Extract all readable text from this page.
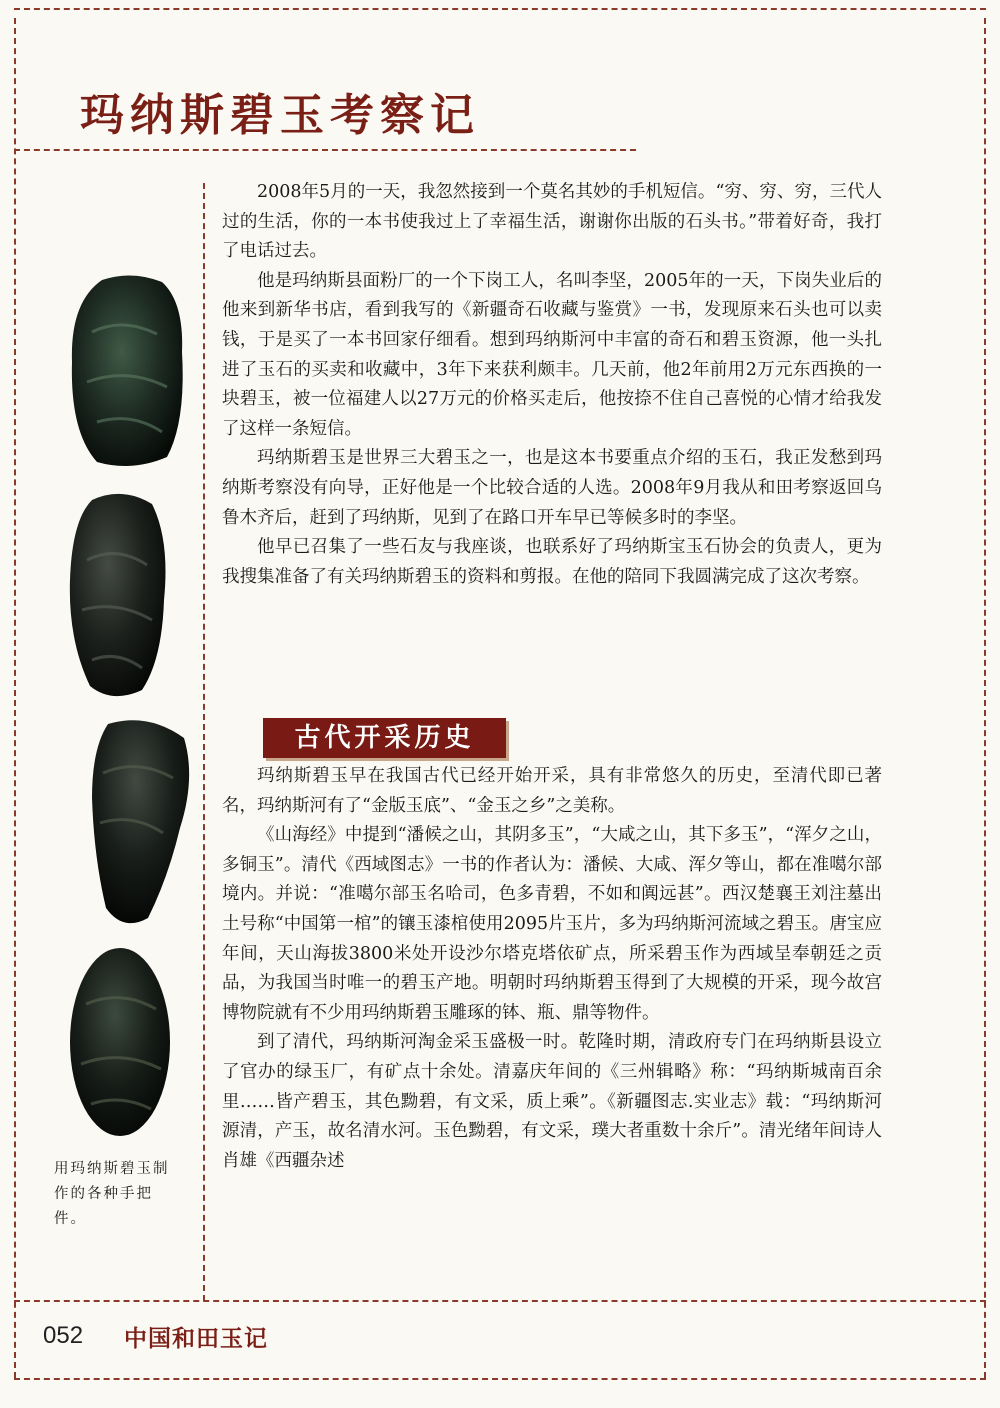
玛纳斯碧玉考察记

2008年5月的一天，我忽然接到一个莫名其妙的手机短信。“穷、穷、穷，三代人过的生活，你的一本书使我过上了幸福生活，谢谢你出版的石头书。”带着好奇，我打了电话过去。

他是玛纳斯县面粉厂的一个下岗工人，名叫李坚，2005年的一天，下岗失业后的他来到新华书店，看到我写的《新疆奇石收藏与鉴赏》一书，发现原来石头也可以卖钱，于是买了一本书回家仔细看。想到玛纳斯河中丰富的奇石和碧玉资源，他一头扎进了玉石的买卖和收藏中，3年下来获利颇丰。几天前，他2年前用2万元东西换的一块碧玉，被一位福建人以27万元的价格买走后，他按捺不住自己喜悦的心情才给我发了这样一条短信。

玛纳斯碧玉是世界三大碧玉之一，也是这本书要重点介绍的玉石，我正发愁到玛纳斯考察没有向导，正好他是一个比较合适的人选。2008年9月我从和田考察返回乌鲁木齐后，赶到了玛纳斯，见到了在路口开车早已等候多时的李坚。

他早已召集了一些石友与我座谈，也联系好了玛纳斯宝玉石协会的负责人，更为我搜集准备了有关玛纳斯碧玉的资料和剪报。在他的陪同下我圆满完成了这次考察。

古代开采历史

玛纳斯碧玉早在我国古代已经开始开采，具有非常悠久的历史，至清代即已著名，玛纳斯河有了“金版玉底”、“金玉之乡”之美称。

《山海经》中提到“潘候之山，其阴多玉”，“大咸之山，其下多玉”，“浑夕之山，多铜玉”。清代《西域图志》一书的作者认为：潘候、大咸、浑夕等山，都在准噶尔部境内。并说：“准噶尔部玉名哈司，色多青碧，不如和阗远甚”。西汉楚襄王刘注墓出土号称“中国第一棺”的镶玉漆棺使用2095片玉片，多为玛纳斯河流域之碧玉。唐宝应年间，天山海拔3800米处开设沙尔塔克塔依矿点，所采碧玉作为西域呈奉朝廷之贡品，为我国当时唯一的碧玉产地。明朝时玛纳斯碧玉得到了大规模的开采，现今故宫博物院就有不少用玛纳斯碧玉雕琢的钵、瓶、鼎等物件。

到了清代，玛纳斯河淘金采玉盛极一时。乾隆时期，清政府专门在玛纳斯县设立了官办的绿玉厂，有矿点十余处。清嘉庆年间的《三州辑略》称：“玛纳斯城南百余里……皆产碧玉，其色黝碧，有文采，质上乘”。《新疆图志.实业志》载：“玛纳斯河源清，产玉，故名清水河。玉色黝碧，有文采，璞大者重数十余斤”。清光绪年间诗人肖雄《西疆杂述

用玛纳斯碧玉制作的各种手把件。
052 中国和田玉记
